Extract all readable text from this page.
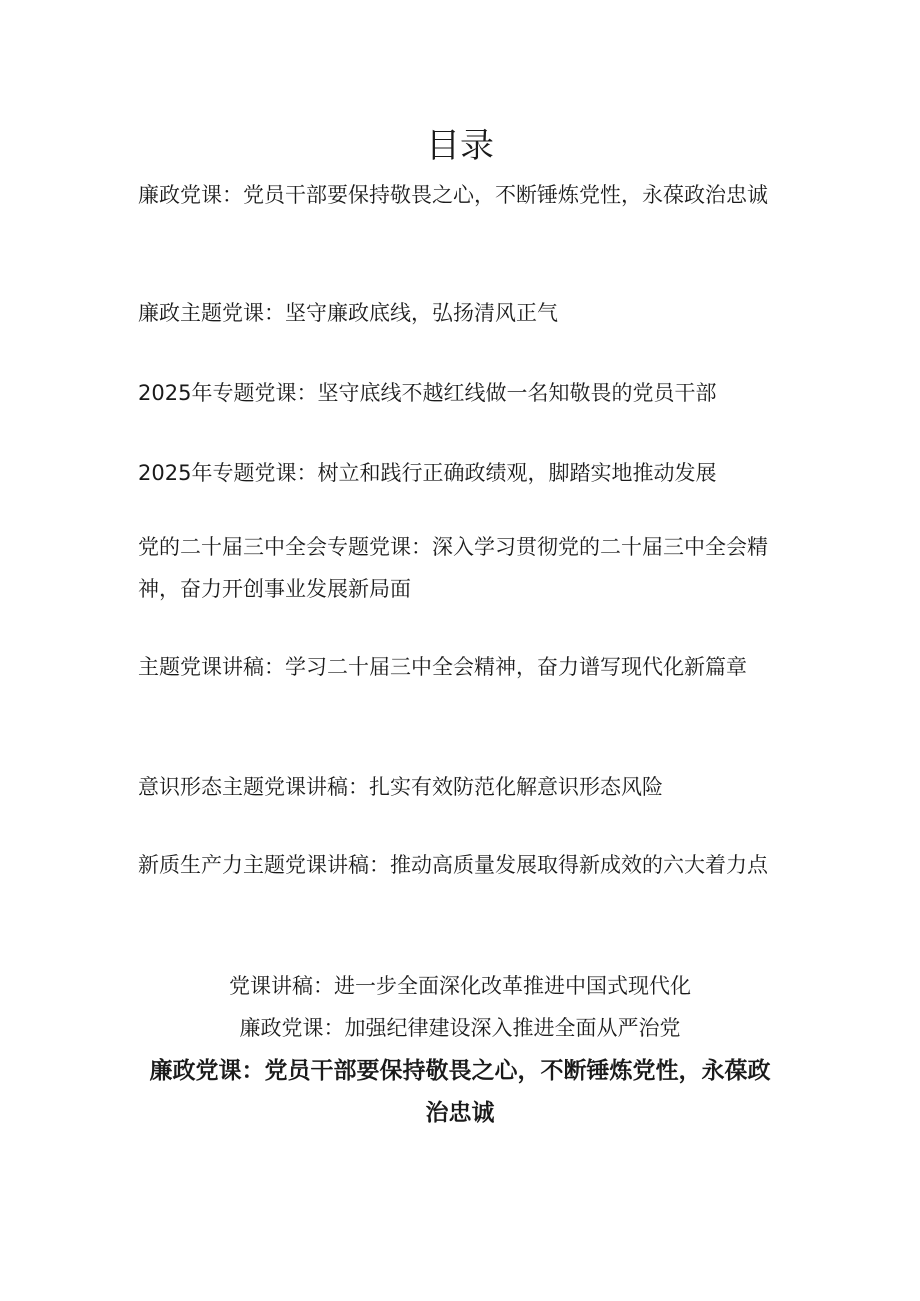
目录

廉政党课：党员干部要保持敬畏之心，不断锤炼党性，永葆政治忠诚

廉政主题党课：坚守廉政底线，弘扬清风正气

2025年专题党课：坚守底线不越红线做一名知敬畏的党员干部

2025年专题党课：树立和践行正确政绩观，脚踏实地推动发展

党的二十届三中全会专题党课：深入学习贯彻党的二十届三中全会精神，奋力开创事业发展新局面

主题党课讲稿：学习二十届三中全会精神，奋力谱写现代化新篇章

意识形态主题党课讲稿：扎实有效防范化解意识形态风险

新质生产力主题党课讲稿：推动高质量发展取得新成效的六大着力点

党课讲稿：进一步全面深化改革推进中国式现代化

廉政党课：加强纪律建设深入推进全面从严治党

廉政党课：党员干部要保持敬畏之心，不断锤炼党性，永葆政治忠诚
